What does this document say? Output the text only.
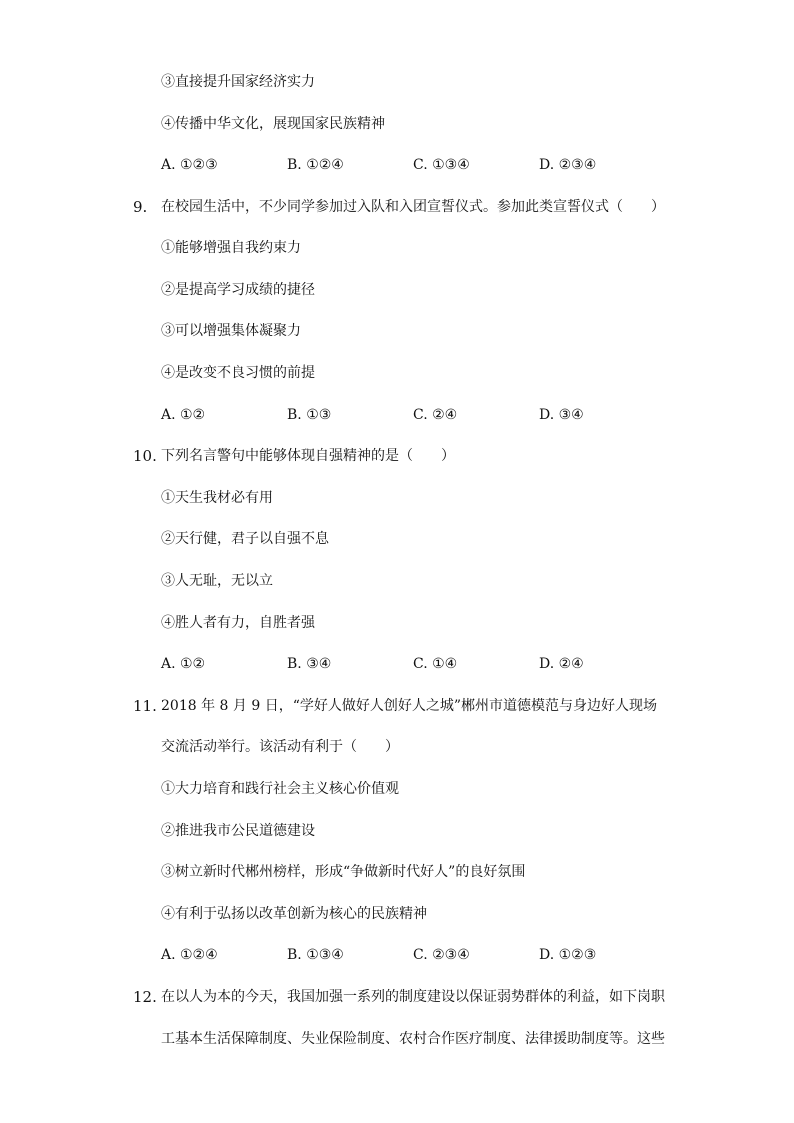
③直接提升国家经济实力
④传播中华文化，展现国家民族精神
A. ①②③	B. ①②④	C. ①③④	D. ②③④
9. 在校园生活中，不少同学参加过入队和入团宣誓仪式。参加此类宣誓仪式（　　）
①能够增强自我约束力
②是提高学习成绩的捷径
③可以增强集体凝聚力
④是改变不良习惯的前提
A. ①②	B. ①③	C. ②④	D. ③④
10. 下列名言警句中能够体现自强精神的是（　　）
①天生我材必有用
②天行健，君子以自强不息
③人无耻，无以立
④胜人者有力，自胜者强
A. ①②	B. ③④	C. ①④	D. ②④
11. 2018 年 8 月 9 日，“学好人做好人创好人之城”郴州市道德模范与身边好人现场
交流活动举行。该活动有利于（　　）
①大力培育和践行社会主义核心价值观
②推进我市公民道德建设
③树立新时代郴州榜样，形成“争做新时代好人”的良好氛围
④有利于弘扬以改革创新为核心的民族精神
A. ①②④	B. ①③④	C. ②③④	D. ①②③
12. 在以人为本的今天，我国加强一系列的制度建设以保证弱势群体的利益，如下岗职
工基本生活保障制度、失业保险制度、农村合作医疗制度、法律援助制度等。这些
